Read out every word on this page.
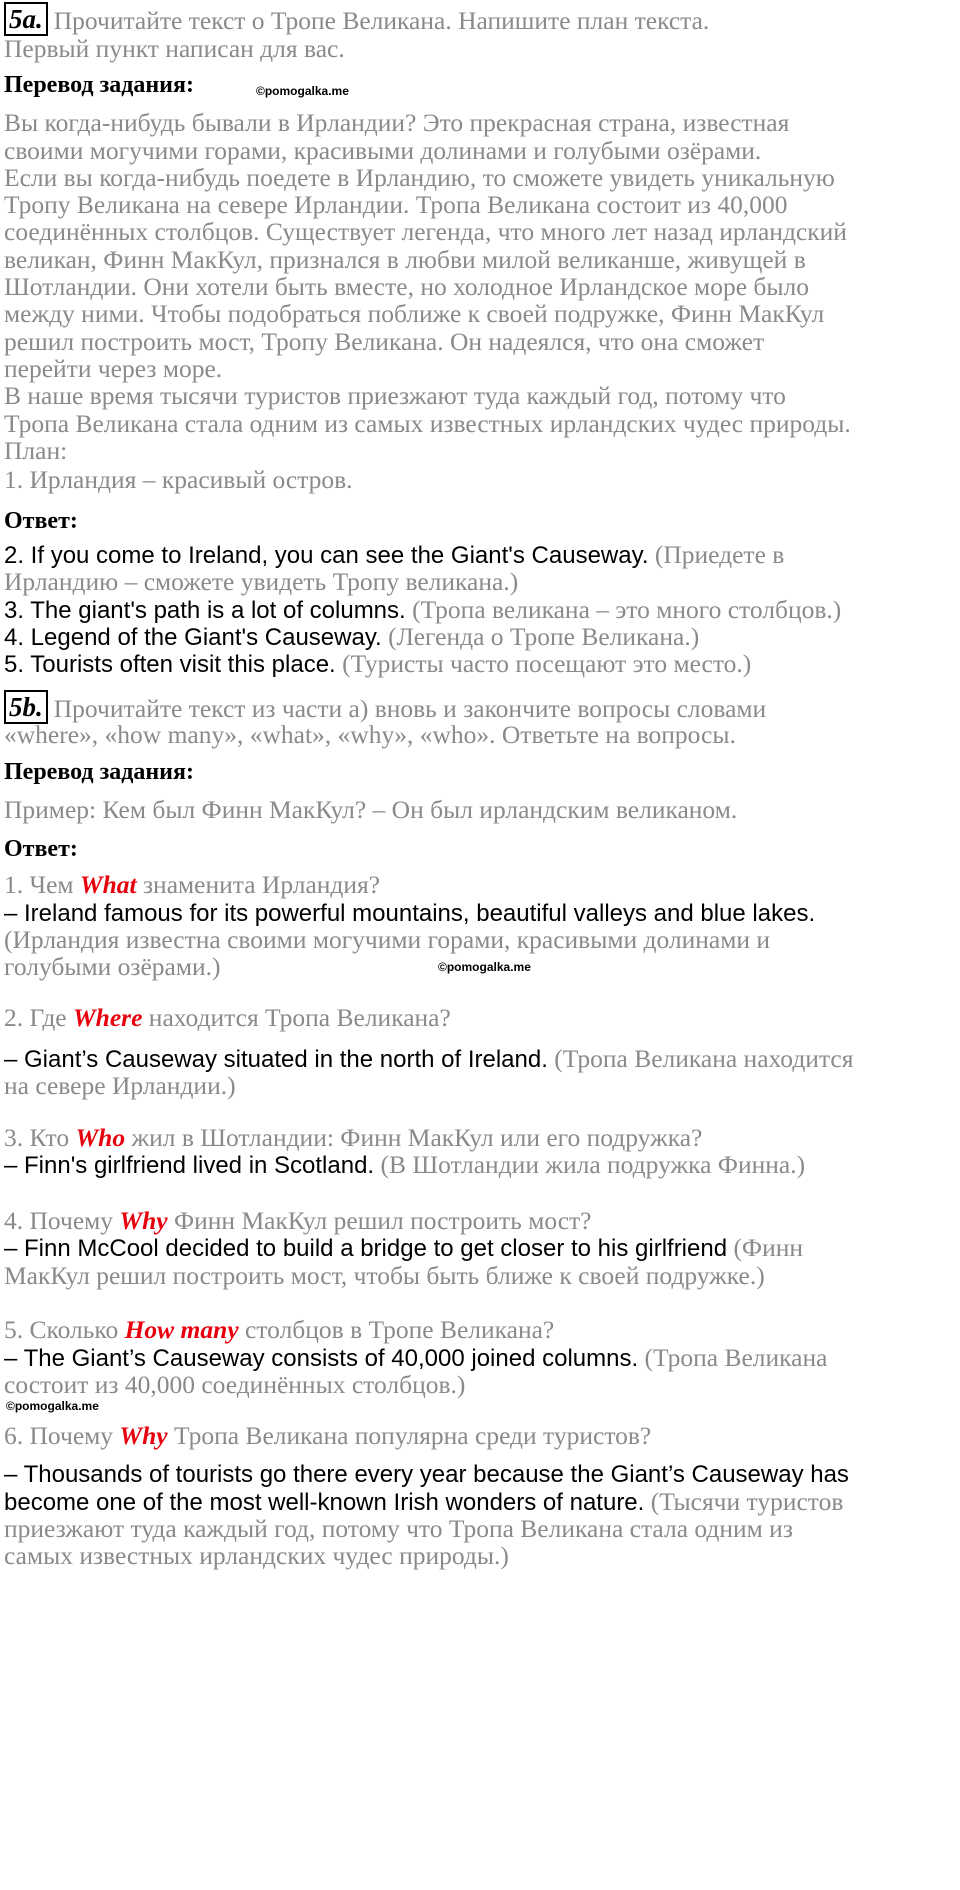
5a. Прочитайте текст о Тропе Великана. Напишите план текста.

Первый пункт написан для вас.

Перевод задания:	©pomogalka.me

Вы когда-нибудь бывали в Ирландии? Это прекрасная страна, известная

своими могучими горами, красивыми долинами и голубыми озёрами.

Если вы когда-нибудь поедете в Ирландию, то сможете увидеть уникальную

Тропу Великана на севере Ирландии. Тропа Великана состоит из 40,000

соединённых столбцов. Существует легенда, что много лет назад ирландский

великан, Финн МакКул, признался в любви милой великанше, живущей в

Шотландии. Они хотели быть вместе, но холодное Ирландское море было

между ними. Чтобы подобраться поближе к своей подружке, Финн МакКул

решил построить мост, Тропу Великана. Он надеялся, что она сможет

перейти через море.

В наше время тысячи туристов приезжают туда каждый год, потому что

Тропа Великана стала одним из самых известных ирландских чудес природы.

План:

1. Ирландия – красивый остров.

Ответ:

2. If you come to Ireland, you can see the Giant's Causeway. (Приедете в

Ирландию – сможете увидеть Тропу великана.)

3. The giant's path is a lot of columns. (Тропа великана – это много столбцов.)

4. Legend of the Giant's Causeway. (Легенда о Тропе Великана.)

5. Tourists often visit this place. (Туристы часто посещают это место.)

5b. Прочитайте текст из части а) вновь и закончите вопросы словами

«where», «how many», «what», «why», «who». Ответьте на вопросы.

Перевод задания:

Пример: Кем был Финн МакКул? – Он был ирландским великаном.

Ответ:

1. Чем What знаменита Ирландия?

– Ireland famous for its powerful mountains, beautiful valleys and blue lakes.

(Ирландия известна своими могучими горами, красивыми долинами и

голубыми озёрами.)	©pomogalka.me

2. Где Where находится Тропа Великана?

– Giant’s Causeway situated in the north of Ireland. (Тропа Великана находится

на севере Ирландии.)

3. Кто Who жил в Шотландии: Финн МакКул или его подружка?

– Finn's girlfriend lived in Scotland. (В Шотландии жила подружка Финна.)

4. Почему Why Финн МакКул решил построить мост?

– Finn McCool decided to build a bridge to get closer to his girlfriend (Финн

МакКул решил построить мост, чтобы быть ближе к своей подружке.)

5. Сколько How many столбцов в Тропе Великана?

– The Giant’s Causeway consists of 40,000 joined columns. (Тропа Великана

состоит из 40,000 соединённых столбцов.)

©pomogalka.me

6. Почему Why Тропа Великана популярна среди туристов?

– Thousands of tourists go there every year because the Giant’s Causeway has

become one of the most well-known Irish wonders of nature. (Тысячи туристов

приезжают туда каждый год, потому что Тропа Великана стала одним из

самых известных ирландских чудес природы.)
